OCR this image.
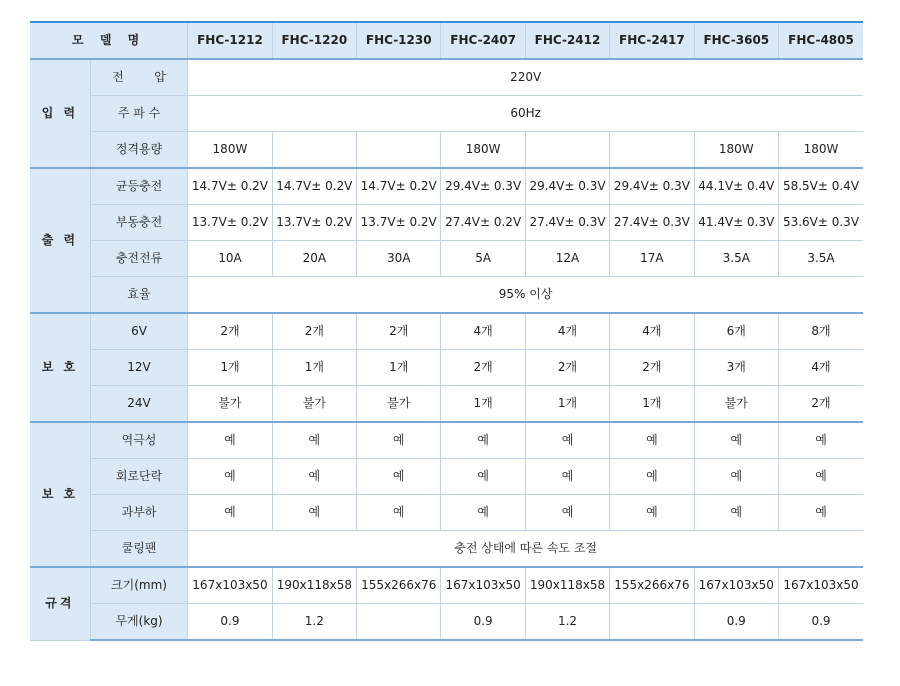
모 델 명		FHC-1212	FHC-1220	FHC-1230	FHC-2407	FHC-2412	FHC-2417	FHC-3605	FHC-4805
입 력	전        압	220V							
	주 파 수	60Hz							
	정격용량	180W			180W			180W	180W
출 력	균등충전	14.7V± 0.2V	14.7V± 0.2V	14.7V± 0.2V	29.4V± 0.3V	29.4V± 0.3V	29.4V± 0.3V	44.1V± 0.4V	58.5V± 0.4V
	부동충전	13.7V± 0.2V	13.7V± 0.2V	13.7V± 0.2V	27.4V± 0.2V	27.4V± 0.3V	27.4V± 0.3V	41.4V± 0.3V	53.6V± 0.3V
	충전전류	10A	20A	30A	5A	12A	17A	3.5A	3.5A
	효율	95% 이상							
보 호	6V	2개	2개	2개	4개	4개	4개	6개	8개
	12V	1개	1개	1개	2개	2개	2개	3개	4개
	24V	불가	불가	불가	1개	1개	1개	불가	2개
보 호	역극성	예	예	예	예	예	예	예	예
	회로단락	예	예	예	예	예	예	예	예
	과부하	예	예	예	예	예	예	예	예
	쿨링팬	충전 상태에 따른 속도 조절							
규격	크기(mm)	167x103x50	190x118x58	155x266x76	167x103x50	190x118x58	155x266x76	167x103x50	167x103x50
	무게(kg)	0.9	1.2		0.9	1.2		0.9	0.9
